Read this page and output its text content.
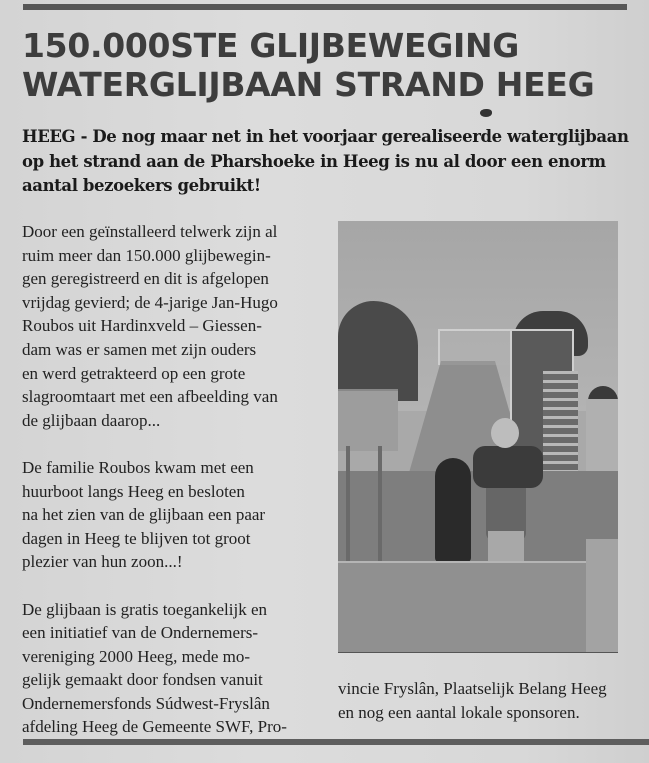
150.000STE GLIJBEWEGING
WATERGLIJBAAN STRAND HEEG

HEEG - De nog maar net in het voorjaar gerealiseerde waterglijbaan
op het strand aan de Pharshoeke in Heeg is nu al door een enorm
aantal bezoekers gebruikt!

Door een geïnstalleerd telwerk zijn al
ruim meer dan 150.000 glijbewegin-
gen geregistreerd en dit is afgelopen
vrijdag gevierd; de 4-jarige Jan-Hugo
Roubos uit Hardinxveld – Giessen-
dam was er samen met zijn ouders
en werd getrakteerd op een grote
slagroomtaart met een afbeelding van
de glijbaan daarop...

De familie Roubos kwam met een
huurboot langs Heeg en besloten
na het zien van de glijbaan een paar
dagen in Heeg te blijven tot groot
plezier van hun zoon...!

De glijbaan is gratis toegankelijk en
een initiatief van de Ondernemers-
vereniging 2000 Heeg, mede mo-
gelijk gemaakt door fondsen vanuit
Ondernemersfonds Súdwest-Fryslân
afdeling Heeg de Gemeente SWF, Pro-

vincie Fryslân, Plaatselijk Belang Heeg
en nog een aantal lokale sponsoren.
